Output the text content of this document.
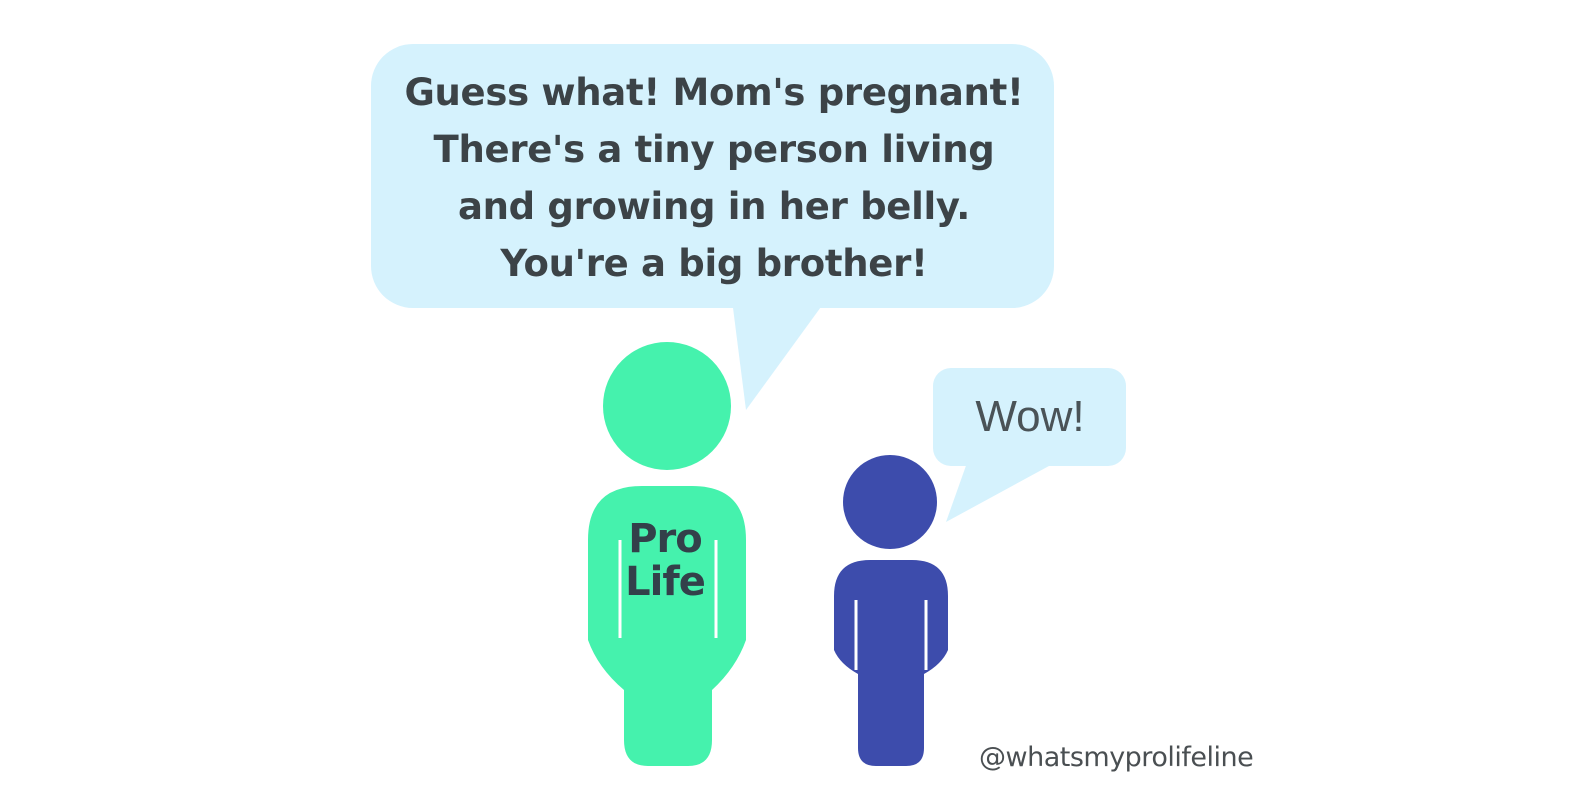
Guess what! Mom's pregnant!
There's a tiny person living
and growing in her belly.
You're a big brother!
Pro
Life
Wow!
@whatsmyprolifeline
